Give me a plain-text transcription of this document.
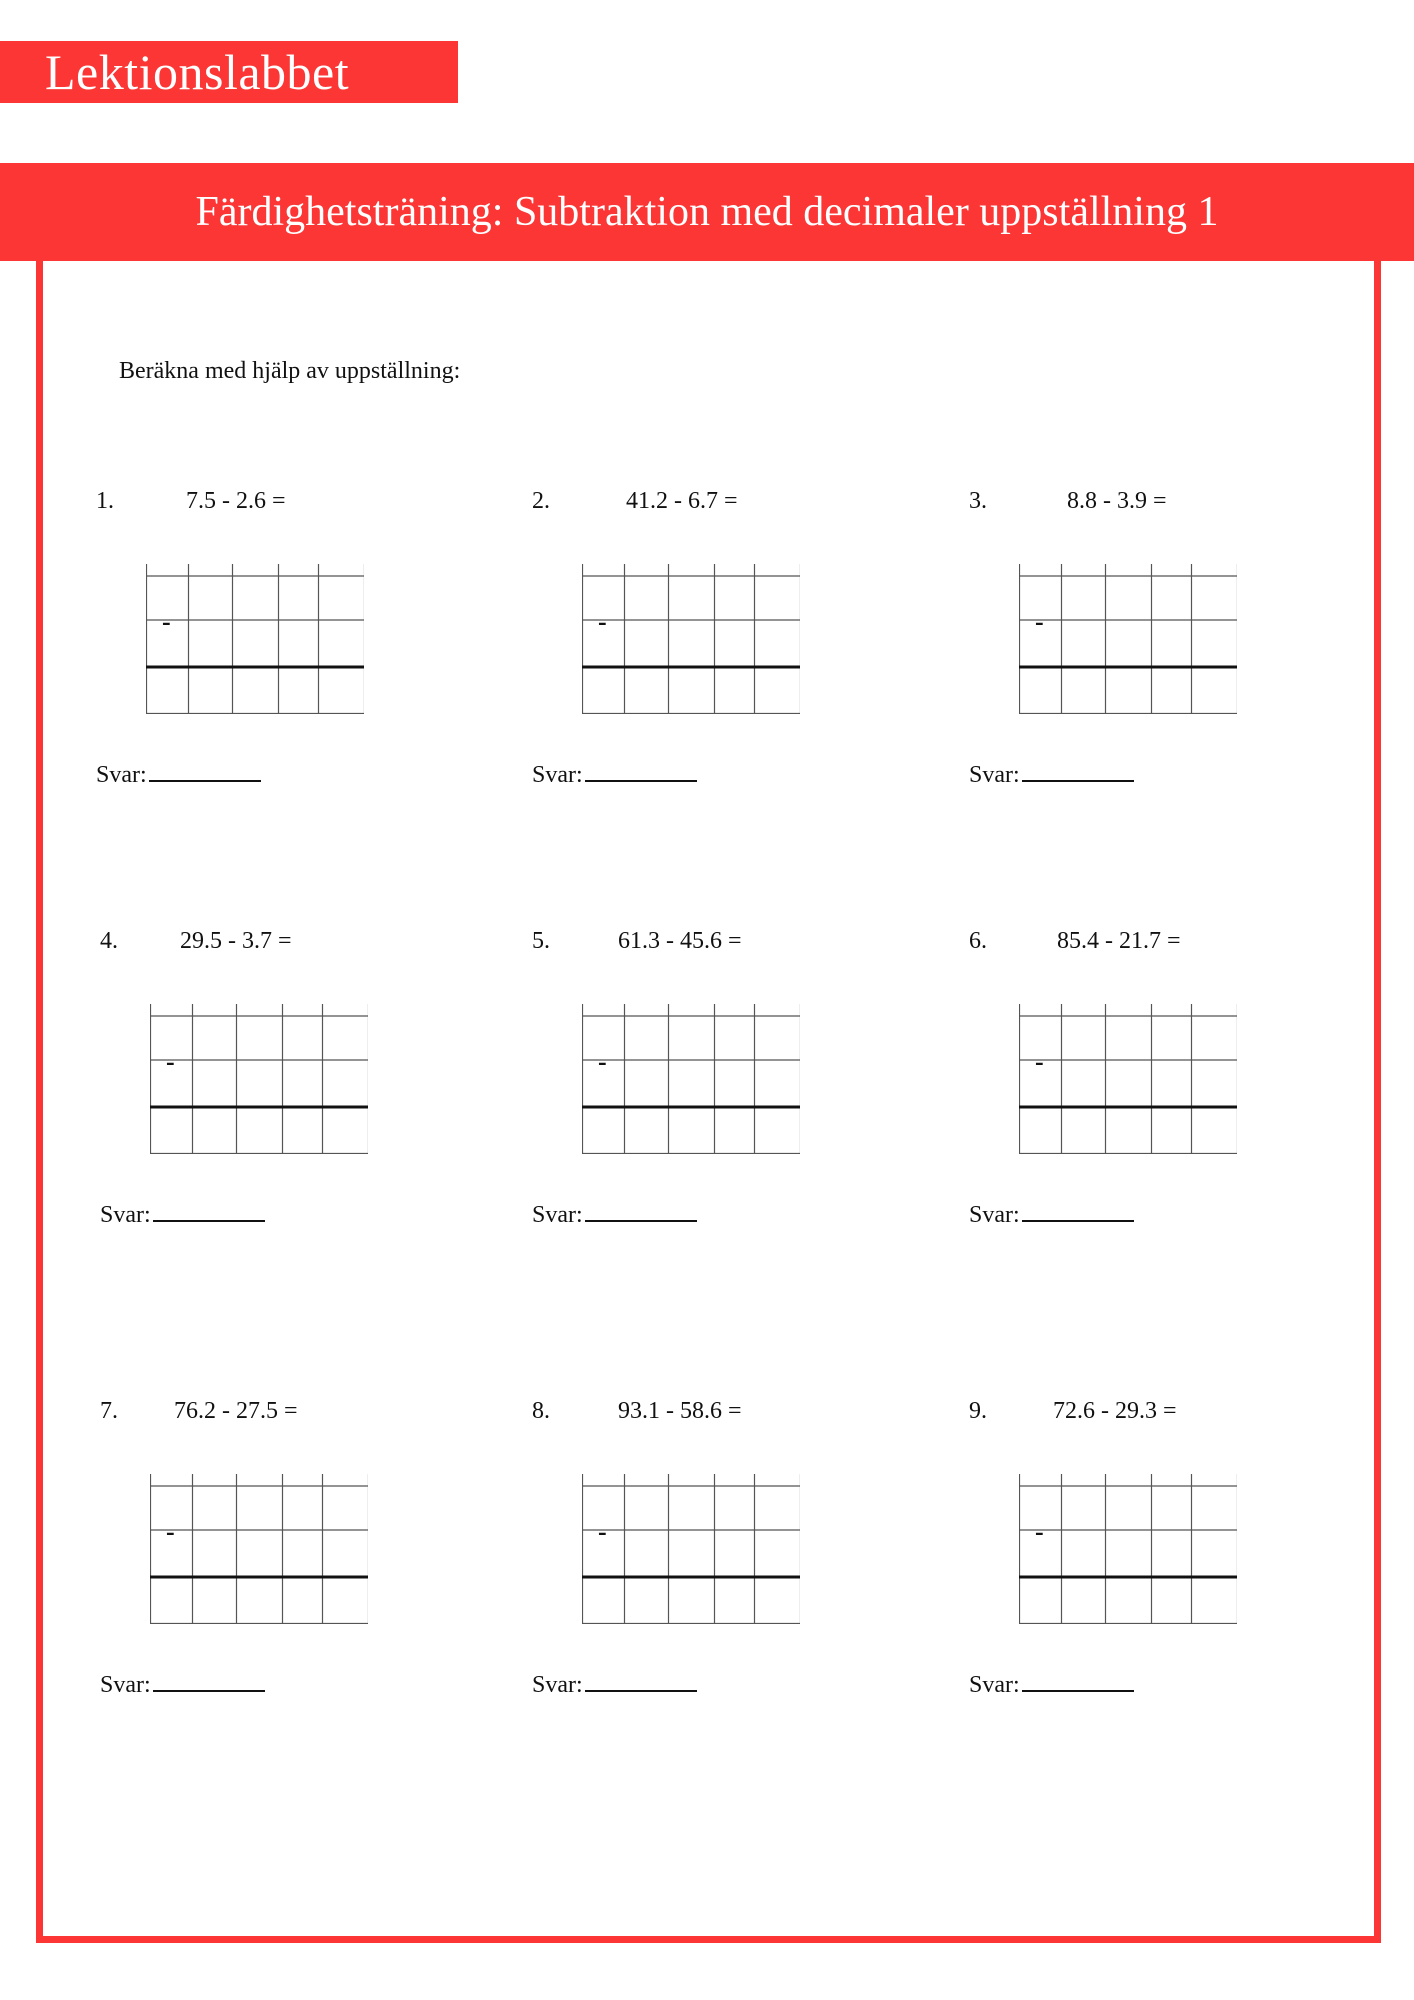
Lektionslabbet
Färdighetsträning: Subtraktion med decimaler uppställning 1
Beräkna med hjälp av uppställning:
1.	7.5 - 2.6 =
-
Svar:
2.	41.2 - 6.7 =
-
Svar:
3.	8.8 - 3.9 =
-
Svar:
4.	29.5 - 3.7 =
-
Svar:
5.	61.3 - 45.6 =
-
Svar:
6.	85.4 - 21.7 =
-
Svar:
7. 76.2 - 27.5 =
-
Svar:
8.	93.1 - 58.6 =
-
Svar:
9.	72.6 - 29.3 =
-
Svar:
